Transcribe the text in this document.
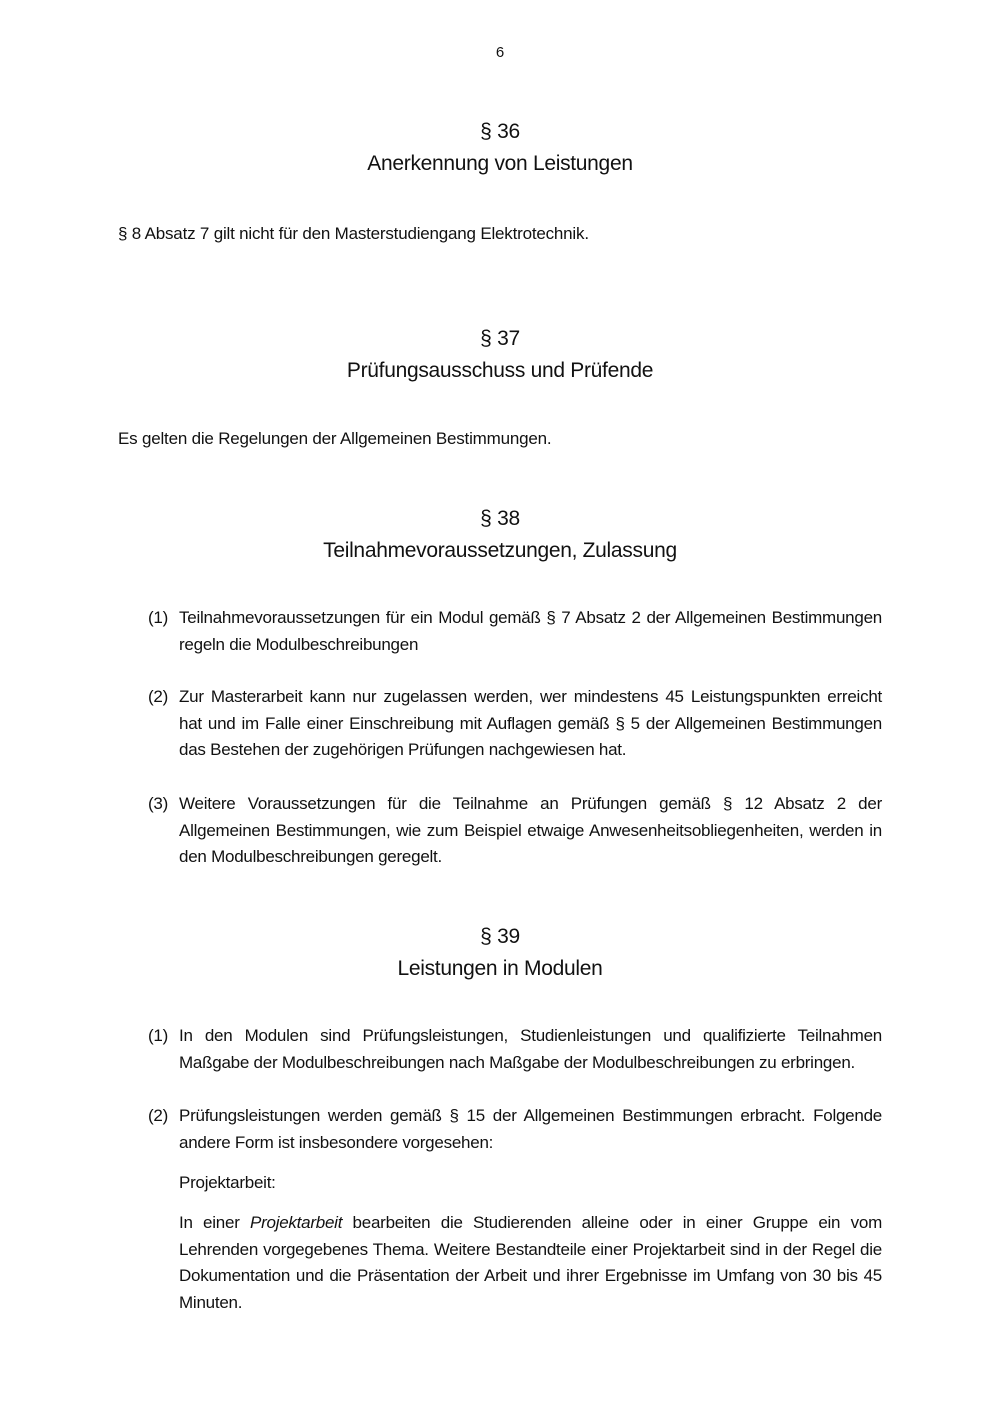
6
§ 36
Anerkennung von Leistungen
§ 8 Absatz 7 gilt nicht für den Masterstudiengang Elektrotechnik.
§ 37
Prüfungsausschuss und Prüfende
Es gelten die Regelungen der Allgemeinen Bestimmungen.
§ 38
Teilnahmevoraussetzungen, Zulassung
(1) Teilnahmevoraussetzungen für ein Modul gemäß § 7 Absatz 2 der Allgemeinen Bestimmungen regeln die Modulbeschreibungen
(2) Zur Masterarbeit kann nur zugelassen werden, wer mindestens 45 Leistungspunkten erreicht hat und im Falle einer Einschreibung mit Auflagen gemäß § 5 der Allgemeinen Bestimmungen das Bestehen der zugehörigen Prüfungen nachgewiesen hat.
(3) Weitere Voraussetzungen für die Teilnahme an Prüfungen gemäß § 12 Absatz 2 der Allgemeinen Bestimmungen, wie zum Beispiel etwaige Anwesenheitsobliegenheiten, werden in den Modulbeschreibungen geregelt.
§ 39
Leistungen in Modulen
(1) In den Modulen sind Prüfungsleistungen, Studienleistungen und qualifizierte Teilnahmen Maßgabe der Modulbeschreibungen nach Maßgabe der Modulbeschreibungen zu erbringen.
(2) Prüfungsleistungen werden gemäß § 15 der Allgemeinen Bestimmungen erbracht. Folgende andere Form ist insbesondere vorgesehen:
Projektarbeit:
In einer Projektarbeit bearbeiten die Studierenden alleine oder in einer Gruppe ein vom Lehrenden vorgegebenes Thema. Weitere Bestandteile einer Projektarbeit sind in der Regel die Dokumentation und die Präsentation der Arbeit und ihrer Ergebnisse im Umfang von 30 bis 45 Minuten.
